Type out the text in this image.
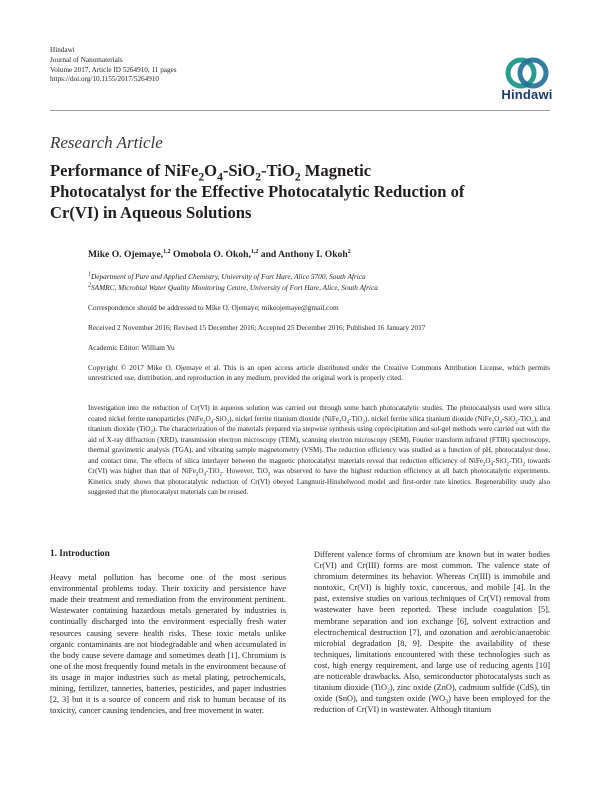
Hindawi
Journal of Nanomaterials
Volume 2017, Article ID 5264910, 11 pages
https://doi.org/10.1155/2017/5264910
Hindawi
Research Article
Performance of $NiFe_2O_4-SiO_2-TiO_2$ Magnetic
Photocatalyst for the Effective Photocatalytic Reduction of
Cr(VI) in Aqueous Solutions
Mike O. Ojemaye,$^{1,2}$ Omobola O. Okoh,$^{1,2}$ and Anthony I. Okoh$^2$
$^1$Department of Pure and Applied Chemistry, University of Fort Hare, Alice 5700, South Africa
$^2$SAMRC, Microbial Water Quality Monitoring Centre, University of Fort Hare, Alice, South Africa
Correspondence should be addressed to Mike O. Ojemaye; mikeojemaye@gmail.com
Received 2 November 2016; Revised 15 December 2016; Accepted 25 December 2016; Published 16 January 2017
Academic Editor: William Yu
Copyright © 2017 Mike O. Ojemaye et al. This is an open access article distributed under the Creative Commons Attribution License, which permits unrestricted use, distribution, and reproduction in any medium, provided the original work is properly cited.
Investigation into the reduction of Cr(VI) in aqueous solution was carried out through some batch photocatalytic studies. The photocatalysts used were silica coated nickel ferrite nanoparticles $(NiFe_2O_4-SiO_2)$, nickel ferrite titanium dioxide $(NiFe_2O_4-TiO_2)$, nickel ferrite silica titanium dioxide $(NiFe_2O_4-SiO_2-TiO_2)$, and titanium dioxide (TiO$_2$). The characterization of the materials prepared via stepwise synthesis using coprecipitation and sol-gel methods were carried out with the aid of X-ray diffraction (XRD), transmission electron microscopy (TEM), scanning electron microscopy (SEM), Fourier transform infrared (FTIR) spectroscopy, thermal gravimetric analysis (TGA), and vibrating sample magnetometry (VSM). The reduction efficiency was studied as a function of pH, photocatalyst dose, and contact time. The effects of silica interlayer between the magnetic photocatalyst materials reveal that reduction efficiency of $NiFe_2O_4-SiO_2-TiO_2$ towards Cr(VI) was higher than that of $NiFe_2O_4-TiO_2$. However, TiO$_2$ was observed to have the highest reduction efficiency at all batch photocatalytic experiments. Kinetics study shows that photocatalytic reduction of Cr(VI) obeyed Langmuir-Hinshelwood model and first-order rate kinetics. Regenerability study also suggested that the photocatalyst materials can be reused.
1. Introduction

Heavy metal pollution has become one of the most serious environmental problems today. Their toxicity and persistence have made their treatment and remediation from the environment pertinent. Wastewater containing hazardous metals generated by industries is continually discharged into the environment especially fresh water resources causing severe health risks. These toxic metals unlike organic contaminants are not biodegradable and when accumulated in the body cause severe damage and sometimes death [1]. Chromium is one of the most frequently found metals in the environment because of its usage in major industries such as metal plating, petrochemicals, mining, fertilizer, tanneries, batteries, pesticides, and paper industries [2, 3] but it is a source of concern and risk to human because of its toxicity, cancer causing tendencies, and free movement in water.

Different valence forms of chromium are known but in water bodies Cr(VI) and Cr(III) forms are most common. The valence state of chromium determines its behavior. Whereas Cr(III) is immobile and nontoxic, Cr(VI) is highly toxic, cancerous, and mobile [4]. In the past, extensive studies on various techniques of Cr(VI) removal from wastewater have been reported. These include coagulation [5], membrane separation and ion exchange [6], solvent extraction and electrochemical destruction [7], and ozonation and aerobic/anaerobic microbial degradation [8, 9]. Despite the availability of these techniques, limitations encountered with these technologies such as cost, high energy requirement, and large use of reducing agents [10] are noticeable drawbacks. Also, semiconductor photocatalysts such as titanium dioxide (TiO$_2$), zinc oxide (ZnO), cadmium sulfide (CdS), tin oxide (SnO), and tungsten oxide $(WO_3)$ have been employed for the reduction of Cr(VI) in wastewater. Although titanium
